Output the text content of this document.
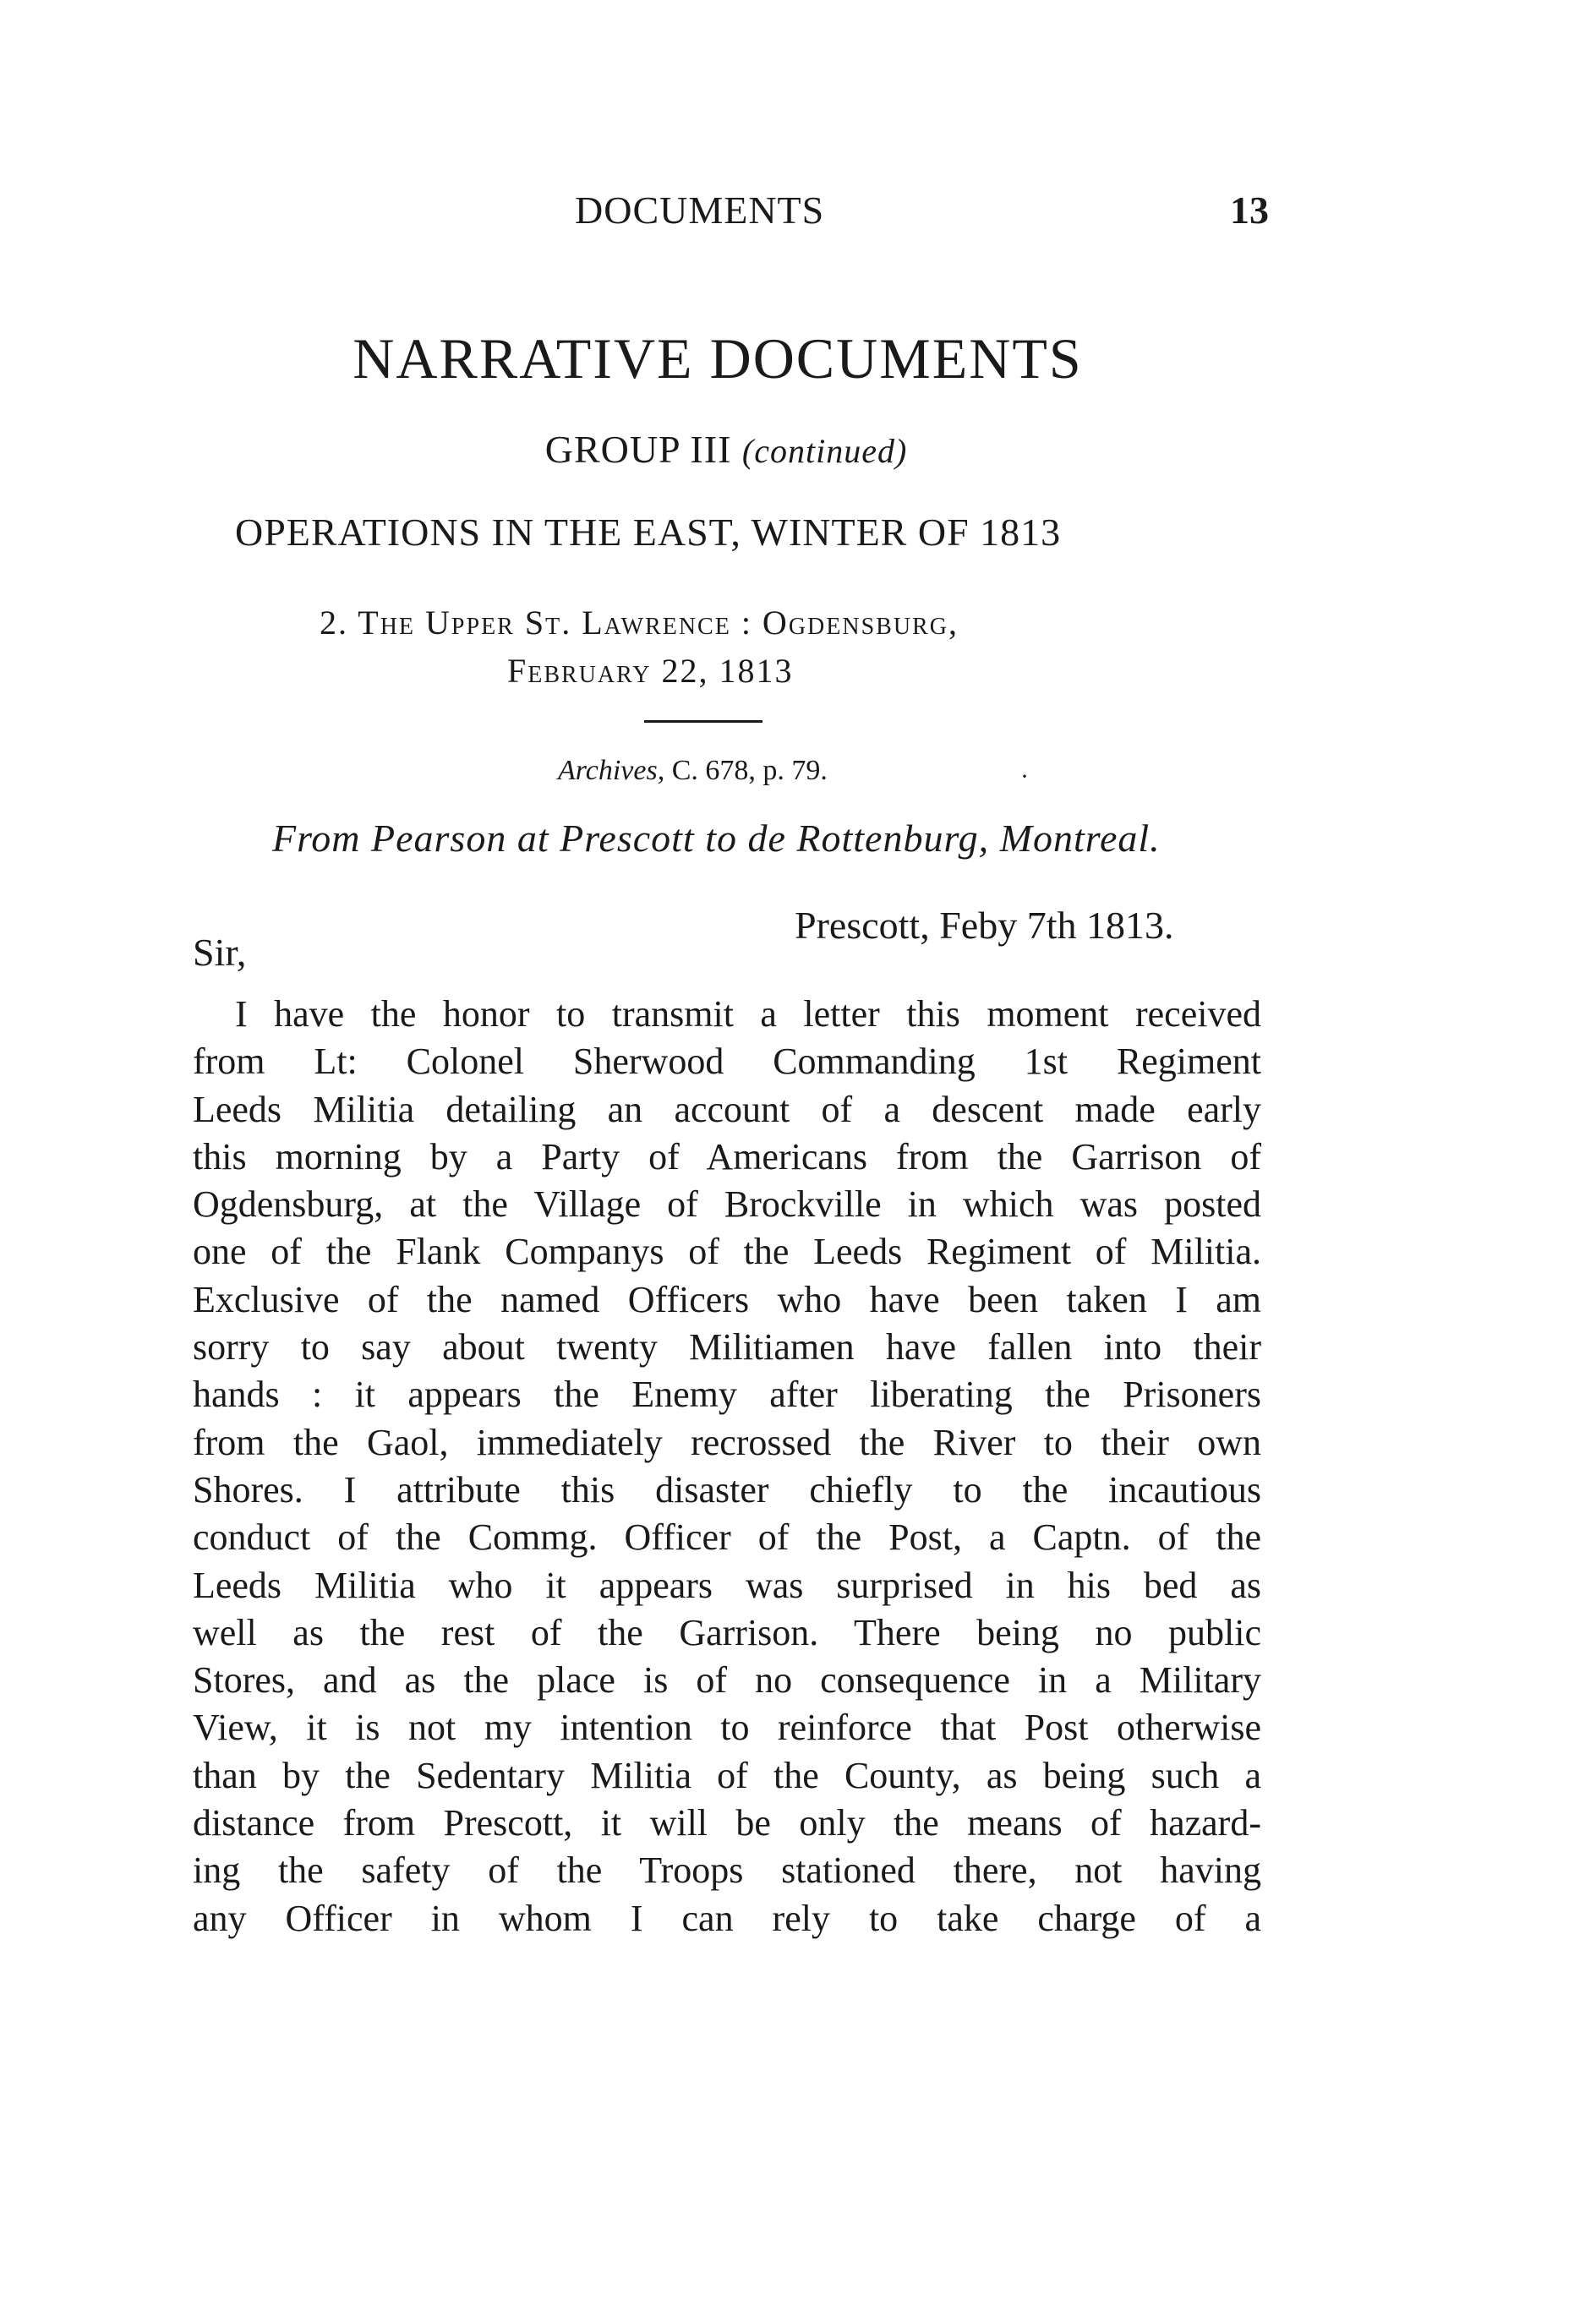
DOCUMENTS	13
NARRATIVE DOCUMENTS
GROUP III (continued)
OPERATIONS IN THE EAST, WINTER OF 1813
2. The Upper St. Lawrence : Ogdensburg,
February 22, 1813
Archives, C. 678, p. 79.	·
From Pearson at Prescott to de Rottenburg, Montreal.
Prescott, Feby 7th 1813.
Sir,
I have the honor to transmit a letter this moment received
from Lt: Colonel Sherwood Commanding 1st Regiment
Leeds Militia detailing an account of a descent made early
this morning by a Party of Americans from the Garrison of
Ogdensburg, at the Village of Brockville in which was posted
one of the Flank Companys of the Leeds Regiment of Militia.
Exclusive of the named Officers who have been taken I am
sorry to say about twenty Militiamen have fallen into their
hands : it appears the Enemy after liberating the Prisoners
from the Gaol, immediately recrossed the River to their own
Shores. I attribute this disaster chiefly to the incautious
conduct of the Commg. Officer of the Post, a Captn. of the
Leeds Militia who it appears was surprised in his bed as
well as the rest of the Garrison. There being no public
Stores, and as the place is of no consequence in a Military
View, it is not my intention to reinforce that Post otherwise
than by the Sedentary Militia of the County, as being such a
distance from Prescott, it will be only the means of hazard-
ing the safety of the Troops stationed there, not having
any Officer in whom I can rely to take charge of a
